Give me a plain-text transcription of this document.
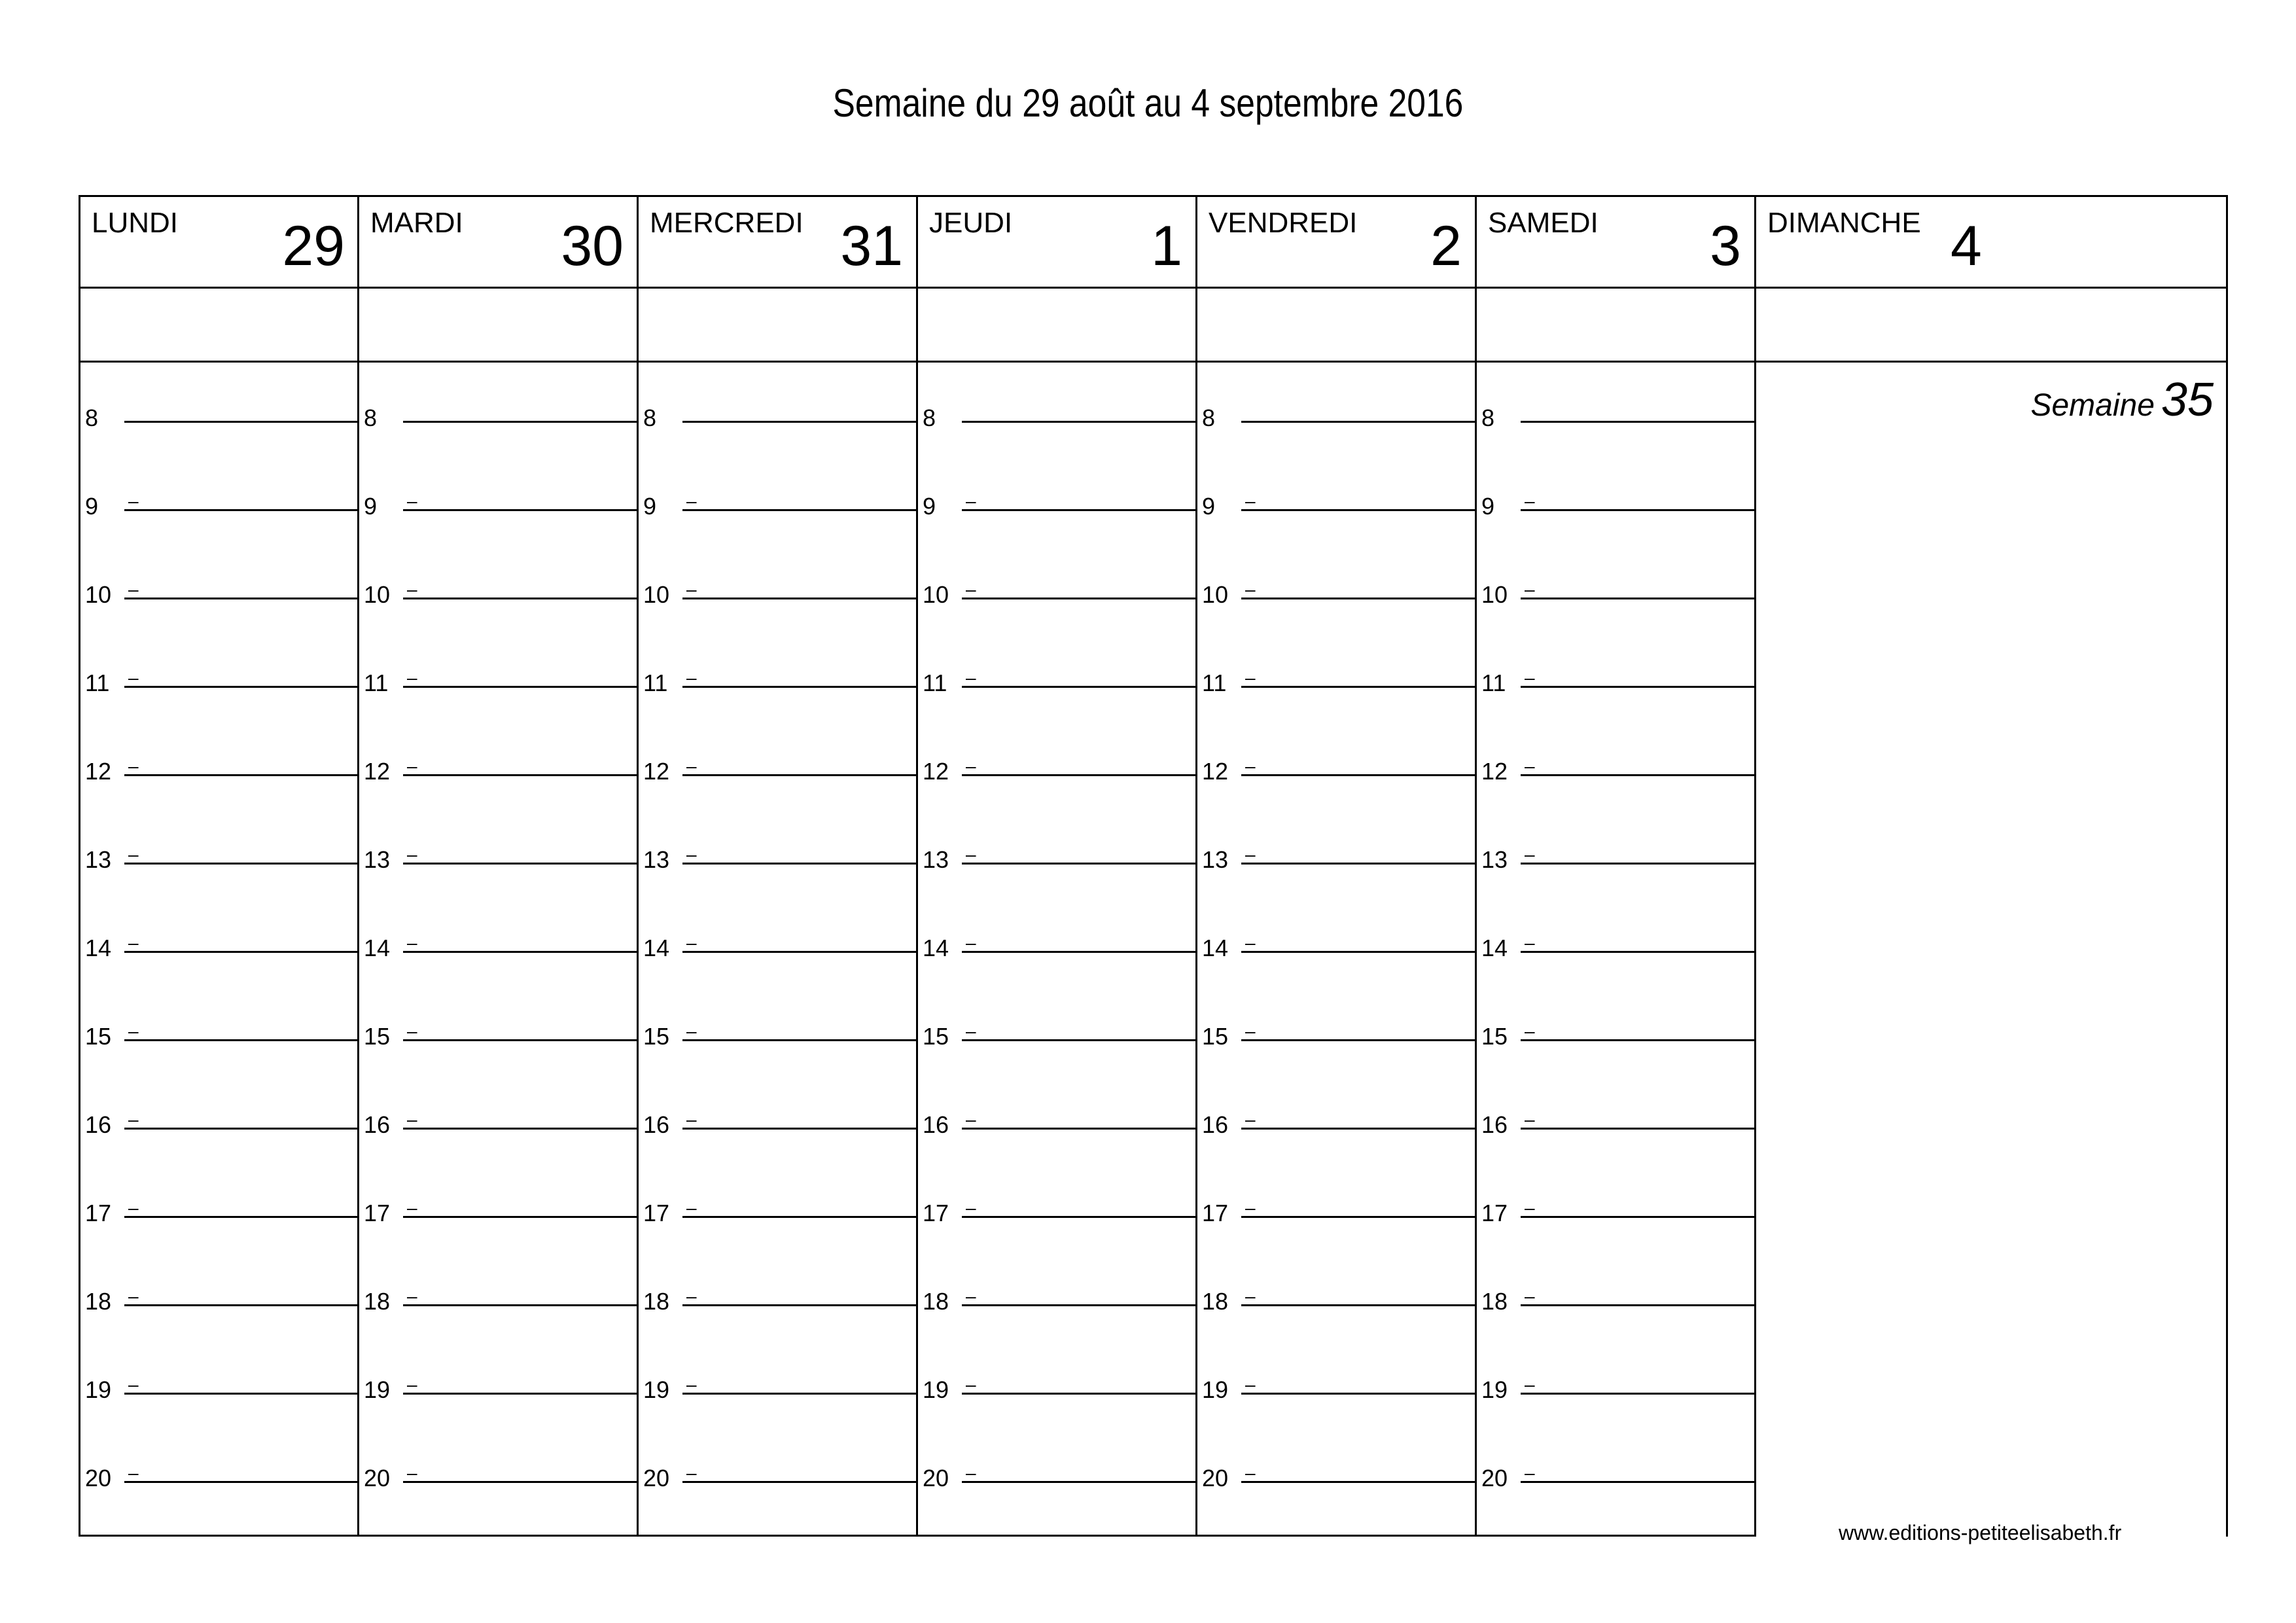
Semaine du 29 août au 4 septembre 2016
LUNDI 29
8
–
9
–
10
–
11
–
12
–
13
–
14
–
15
–
16
–
17
–
18
–
19
–
20
MARDI 30
8
–
9
–
10
–
11
–
12
–
13
–
14
–
15
–
16
–
17
–
18
–
19
–
20
MERCREDI 31
8
–
9
–
10
–
11
–
12
–
13
–
14
–
15
–
16
–
17
–
18
–
19
–
20
JEUDI 1
8
–
9
–
10
–
11
–
12
–
13
–
14
–
15
–
16
–
17
–
18
–
19
–
20
VENDREDI 2
8
–
9
–
10
–
11
–
12
–
13
–
14
–
15
–
16
–
17
–
18
–
19
–
20
SAMEDI 3
8
–
9
–
10
–
11
–
12
–
13
–
14
–
15
–
16
–
17
–
18
–
19
–
20
DIMANCHE 4
Semaine 35
www.editions-petiteelisabeth.fr
